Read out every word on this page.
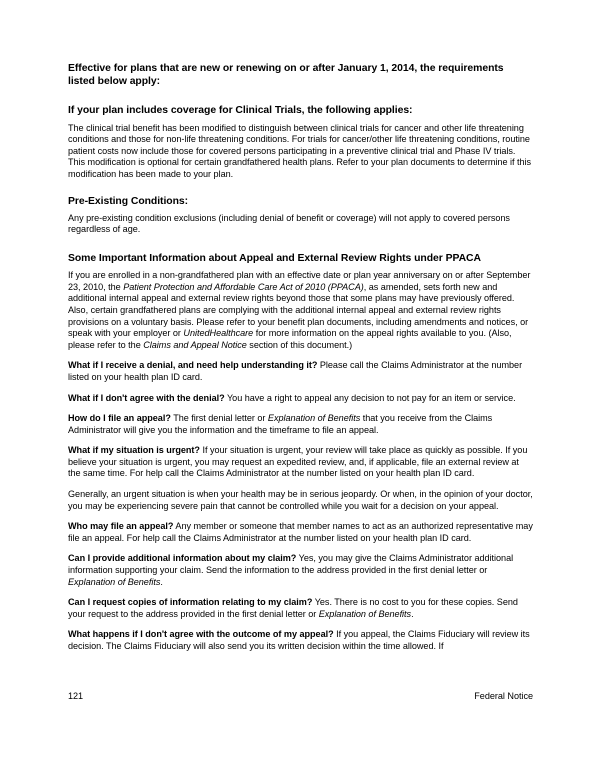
Effective for plans that are new or renewing on or after January 1, 2014, the requirements listed below apply:
If your plan includes coverage for Clinical Trials, the following applies:

The clinical trial benefit has been modified to distinguish between clinical trials for cancer and other life threatening conditions and those for non-life threatening conditions. For trials for cancer/other life threatening conditions, routine patient costs now include those for covered persons participating in a preventive clinical trial and Phase IV trials. This modification is optional for certain grandfathered health plans. Refer to your plan documents to determine if this modification has been made to your plan.

Pre-Existing Conditions:

Any pre-existing condition exclusions (including denial of benefit or coverage) will not apply to covered persons regardless of age.

Some Important Information about Appeal and External Review Rights under PPACA

If you are enrolled in a non-grandfathered plan with an effective date or plan year anniversary on or after September 23, 2010, the Patient Protection and Affordable Care Act of 2010 (PPACA), as amended, sets forth new and additional internal appeal and external review rights beyond those that some plans may have previously offered. Also, certain grandfathered plans are complying with the additional internal appeal and external review rights provisions on a voluntary basis. Please refer to your benefit plan documents, including amendments and notices, or speak with your employer or UnitedHealthcare for more information on the appeal rights available to you. (Also, please refer to the Claims and Appeal Notice section of this document.)

What if I receive a denial, and need help understanding it? Please call the Claims Administrator at the number listed on your health plan ID card.

What if I don't agree with the denial? You have a right to appeal any decision to not pay for an item or service.

How do I file an appeal? The first denial letter or Explanation of Benefits that you receive from the Claims Administrator will give you the information and the timeframe to file an appeal.

What if my situation is urgent? If your situation is urgent, your review will take place as quickly as possible. If you believe your situation is urgent, you may request an expedited review, and, if applicable, file an external review at the same time. For help call the Claims Administrator at the number listed on your health plan ID card.

Generally, an urgent situation is when your health may be in serious jeopardy. Or when, in the opinion of your doctor, you may be experiencing severe pain that cannot be controlled while you wait for a decision on your appeal.

Who may file an appeal? Any member or someone that member names to act as an authorized representative may file an appeal. For help call the Claims Administrator at the number listed on your health plan ID card.

Can I provide additional information about my claim? Yes, you may give the Claims Administrator additional information supporting your claim. Send the information to the address provided in the first denial letter or Explanation of Benefits.

Can I request copies of information relating to my claim? Yes. There is no cost to you for these copies. Send your request to the address provided in the first denial letter or Explanation of Benefits.

What happens if I don't agree with the outcome of my appeal? If you appeal, the Claims Fiduciary will review its decision. The Claims Fiduciary will also send you its written decision within the time allowed. If

121	Federal Notice
